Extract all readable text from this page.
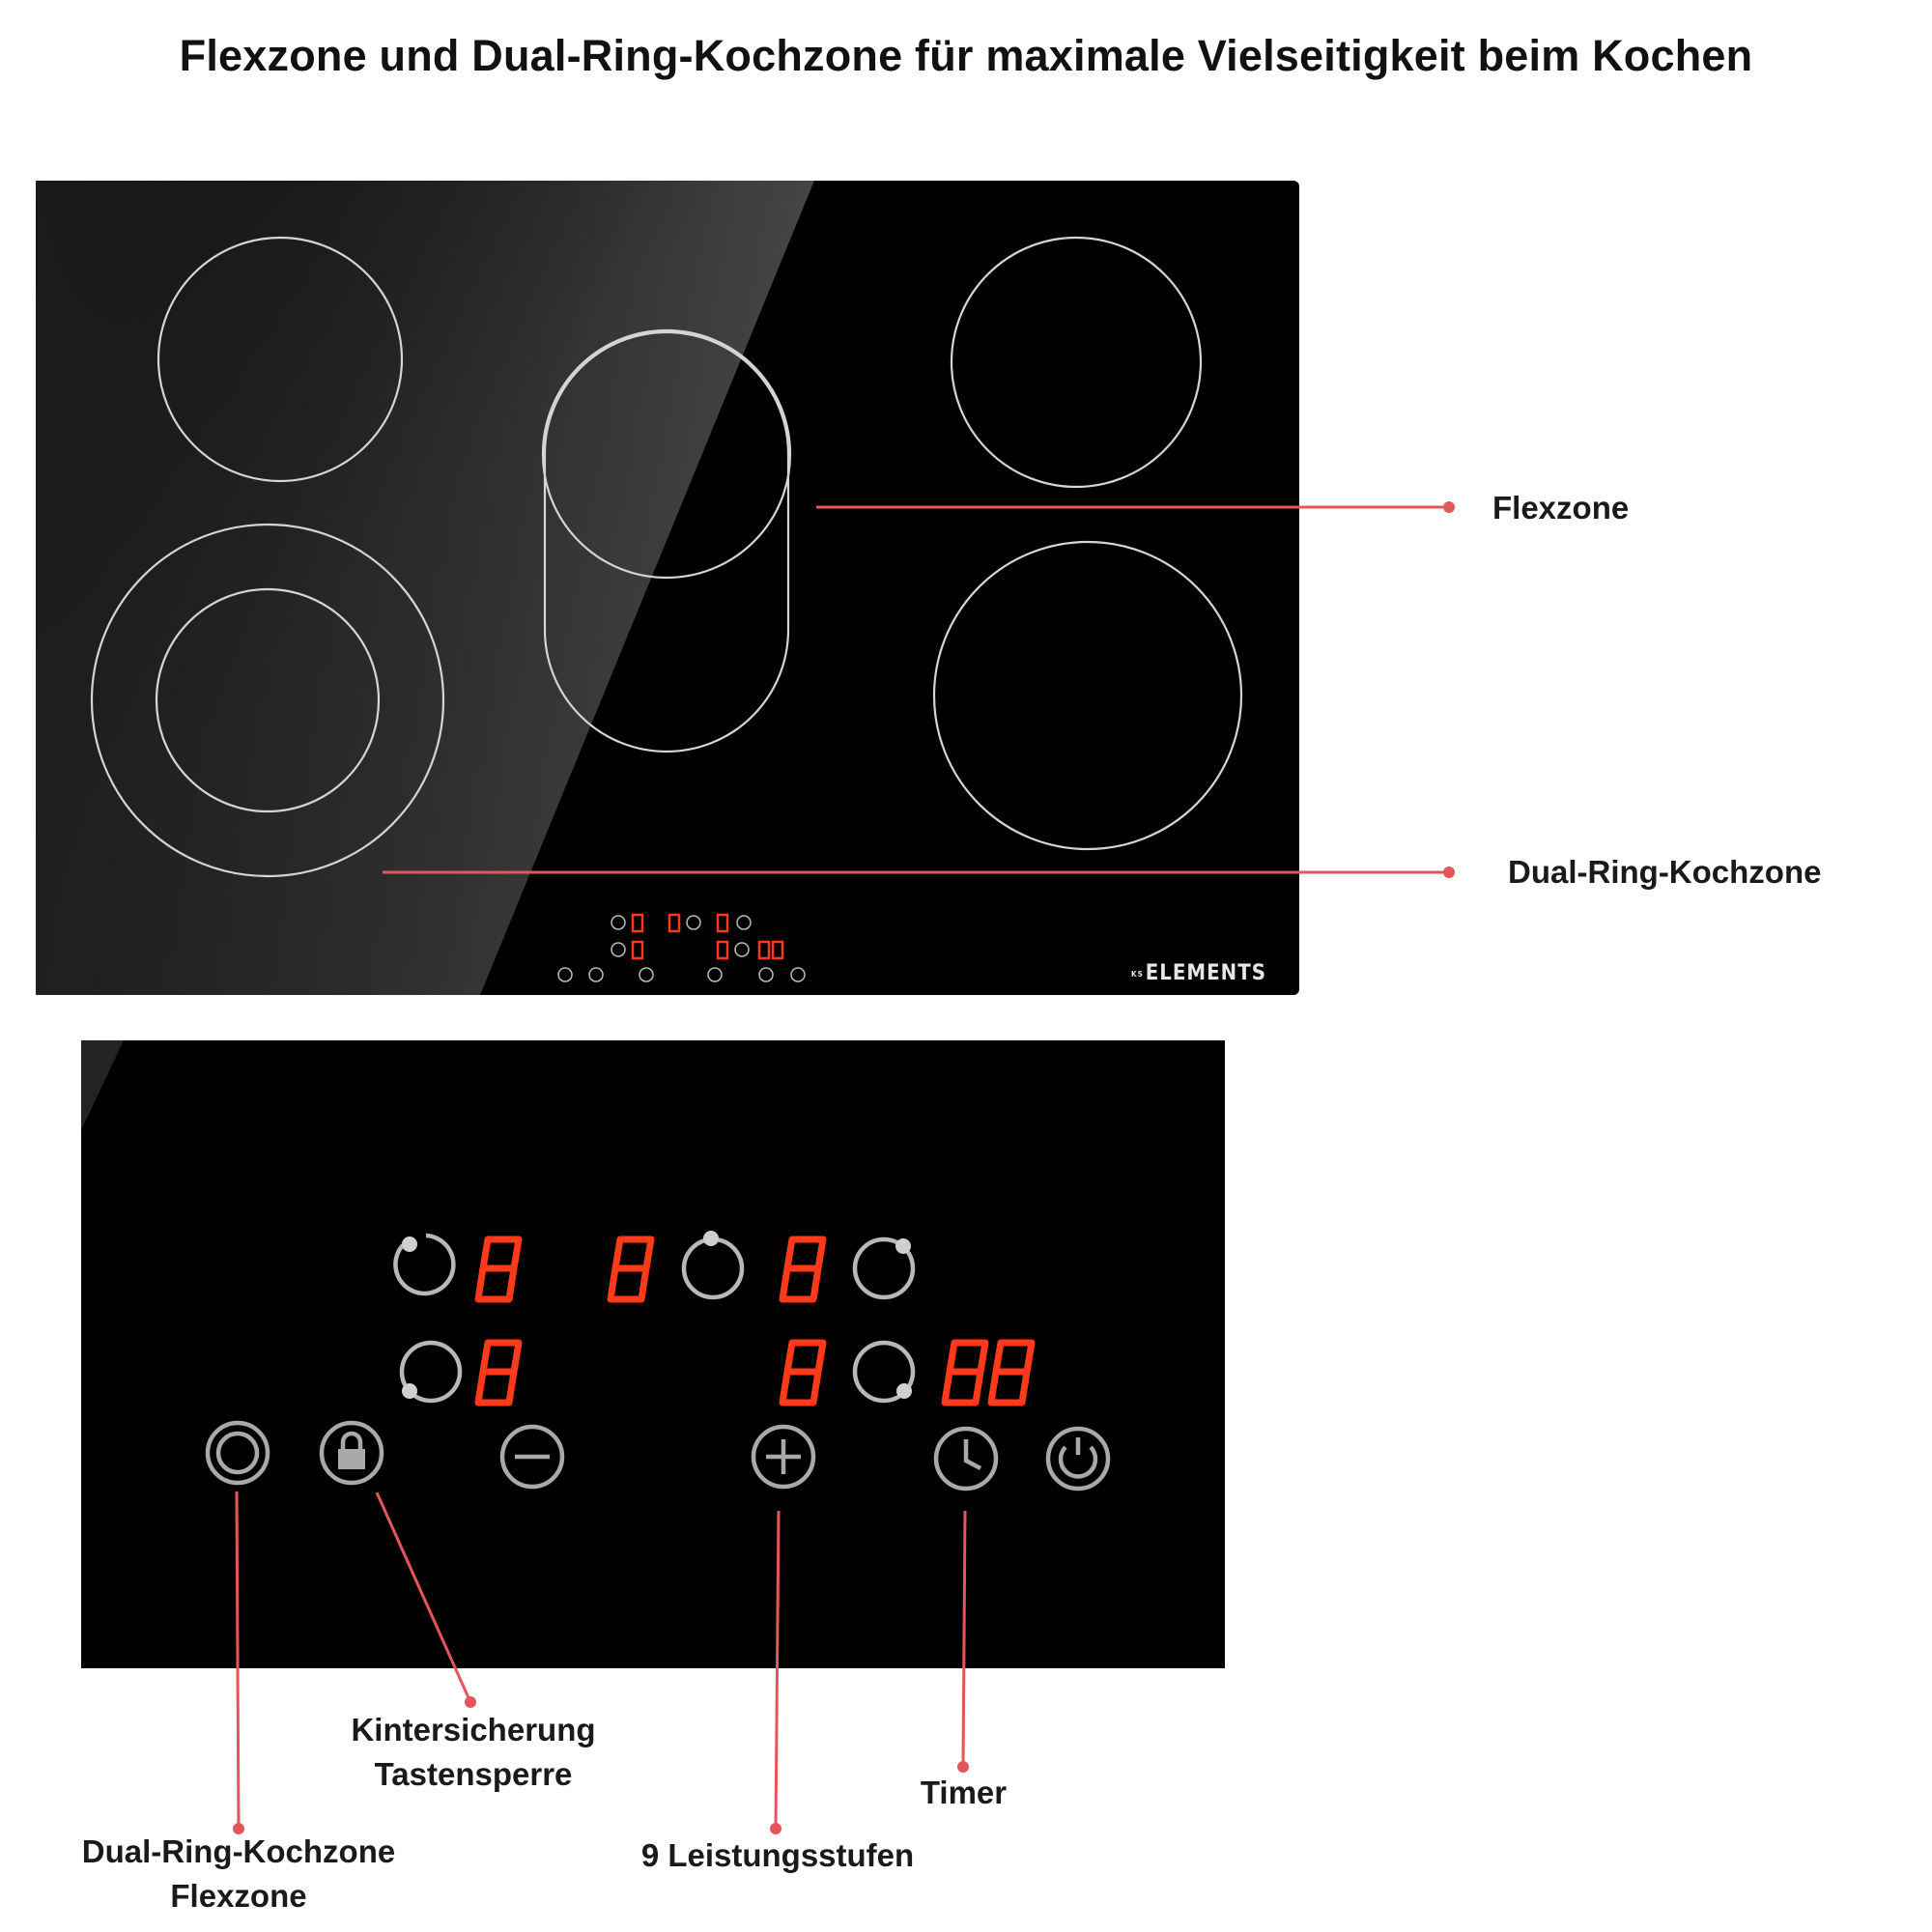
Flexzone und Dual-Ring-Kochzone für maximale Vielseitigkeit beim Kochen
KSELEMENTS
Flexzone
Dual-Ring-Kochzone
Dual-Ring-Kochzone
Flexzone
Kintersicherung
Tastensperre
9 Leistungsstufen
Timer
